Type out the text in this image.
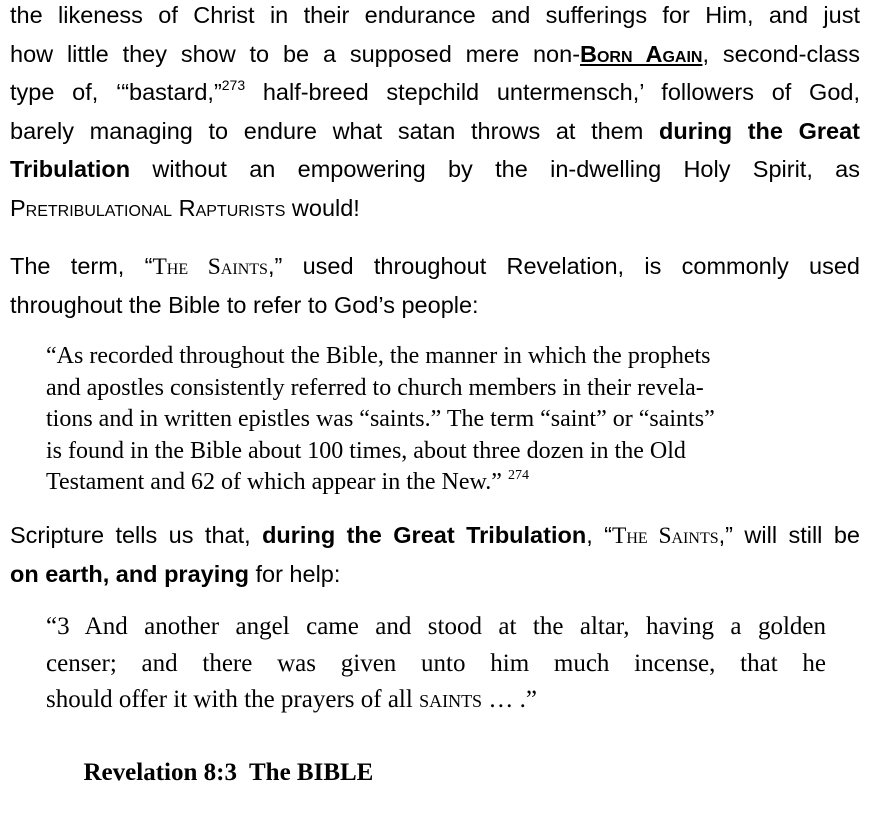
the likeness of Christ in their endurance and sufferings for Him, and just
how little they show to be a supposed mere non-Born Again, second-class
type of, ‘“bastard,”$^{273}$ half-breed stepchild untermensch,’ followers of God,
barely managing to endure what satan throws at them during the Great
Tribulation without an empowering by the in-dwelling Holy Spirit, as
Pretribulational Rapturists would!
The term, “The Saints,” used throughout Revelation, is commonly used
throughout the Bible to refer to God’s people:
“As recorded throughout the Bible, the manner in which the prophets
and apostles consistently referred to church members in their revela-
tions and in written epistles was “saints.” The term “saint” or “saints”
is found in the Bible about 100 times, about three dozen in the Old
Testament and 62 of which appear in the New.” $^{274}$
Scripture tells us that, during the Great Tribulation, “The Saints,” will still be
on earth, and praying for help:
“3 And another angel came and stood at the altar, having a golden
censer; and there was given unto him much incense, that he
should offer it with the prayers of all saints … .”

Revelation 8:3  The BIBLE
